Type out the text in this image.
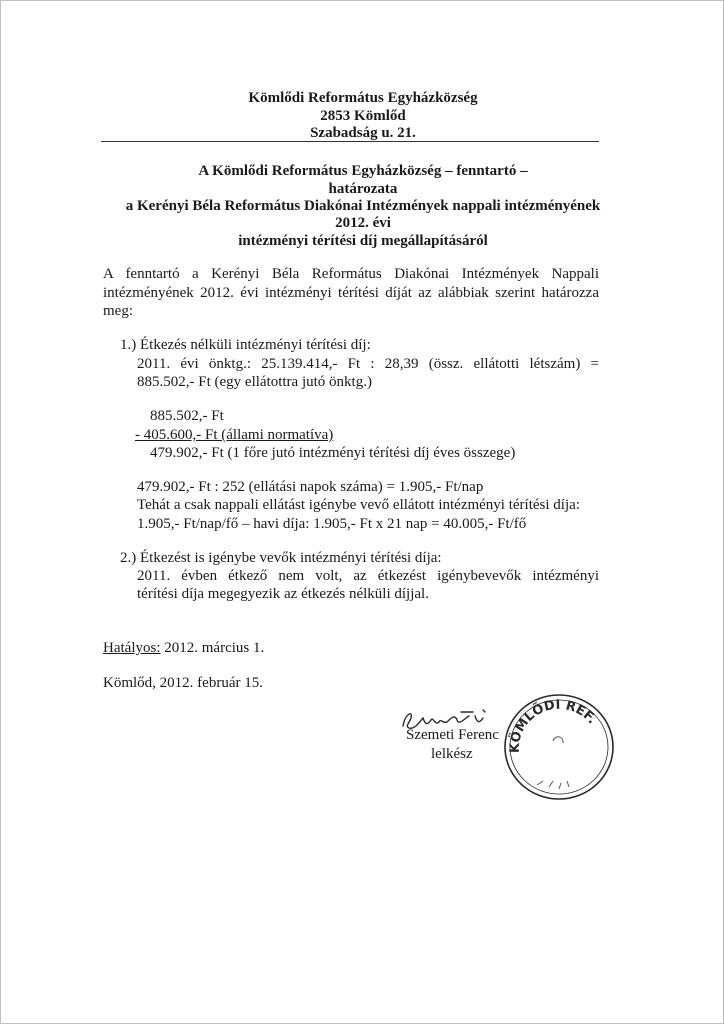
Kömlődi Református Egyházközség
2853 Kömlőd
Szabadság u. 21.
A Kömlődi Református Egyházközség – fenntartó –
határozata
a Kerényi Béla Református Diakónai Intézmények nappali intézményének
2012. évi
intézményi térítési díj megállapításáról
A fenntartó a Kerényi Béla Református Diakónai Intézmények Nappali
intézményének 2012. évi intézményi térítési díját az alábbiak szerint határozza
meg:
1.) Étkezés nélküli intézményi térítési díj:
2011. évi önktg.: 25.139.414,- Ft : 28,39 (össz. ellátotti létszám) =
885.502,- Ft (egy ellátottra jutó önktg.)
885.502,- Ft
- 405.600,- Ft (állami normatíva)
479.902,- Ft (1 főre jutó intézményi térítési díj éves összege)
479.902,- Ft : 252 (ellátási napok száma) = 1.905,- Ft/nap
Tehát a csak nappali ellátást igénybe vevő ellátott intézményi térítési díja:
1.905,- Ft/nap/fő – havi díja: 1.905,- Ft x 21 nap = 40.005,- Ft/fő
2.) Étkezést is igénybe vevők intézményi térítési díja:
2011. évben étkező nem volt, az étkezést igénybevevők intézményi
térítési díja megegyezik az étkezés nélküli díjjal.
Hatályos: 2012. március 1.
Kömlőd, 2012. február 15.
Szemeti Ferenc
lelkész	KÖMLŐDI REF.
